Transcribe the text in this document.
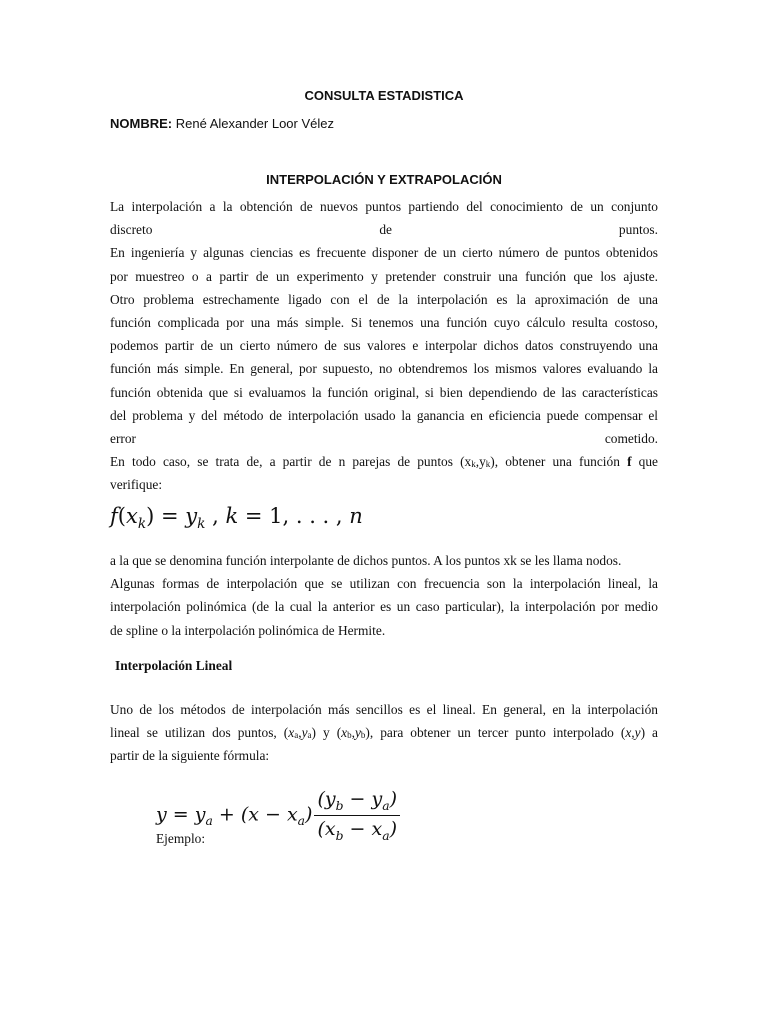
CONSULTA ESTADISTICA
NOMBRE: René Alexander Loor Vélez
INTERPOLACIÓN Y EXTRAPOLACIÓN
La interpolación a la obtención de nuevos puntos partiendo del conocimiento de un conjunto
discreto de puntos.
En ingeniería y algunas ciencias es frecuente disponer de un cierto número de puntos obtenidos
por muestreo o a partir de un experimento y pretender construir una función que los ajuste.
Otro problema estrechamente ligado con el de la interpolación es la aproximación de una
función complicada por una más simple. Si tenemos una función cuyo cálculo resulta costoso,
podemos partir de un cierto número de sus valores e interpolar dichos datos construyendo una
función más simple. En general, por supuesto, no obtendremos los mismos valores evaluando la
función obtenida que si evaluamos la función original, si bien dependiendo de las características
del problema y del método de interpolación usado la ganancia en eficiencia puede compensar el
error cometido.
En todo caso, se trata de, a partir de n parejas de puntos (xk,yk), obtener una función f que
verifique:
$f(x_k) = y_k$ , k = 1, . . . , n
a la que se denomina función interpolante de dichos puntos. A los puntos xk se les llama nodos.
Algunas formas de interpolación que se utilizan con frecuencia son la interpolación lineal, la
interpolación polinómica (de la cual la anterior es un caso particular), la interpolación por medio
de spline o la interpolación polinómica de Hermite.
Interpolación Lineal
Uno de los métodos de interpolación más sencillos es el lineal. En general, en la interpolación
lineal se utilizan dos puntos, (xa,ya) y (xb,yb), para obtener un tercer punto interpolado (x,y) a
partir de la siguiente fórmula:
$y = y_a + (x - x_a) \frac{(y_b - y_a)}{(x_b - x_a)}$
Ejemplo:
